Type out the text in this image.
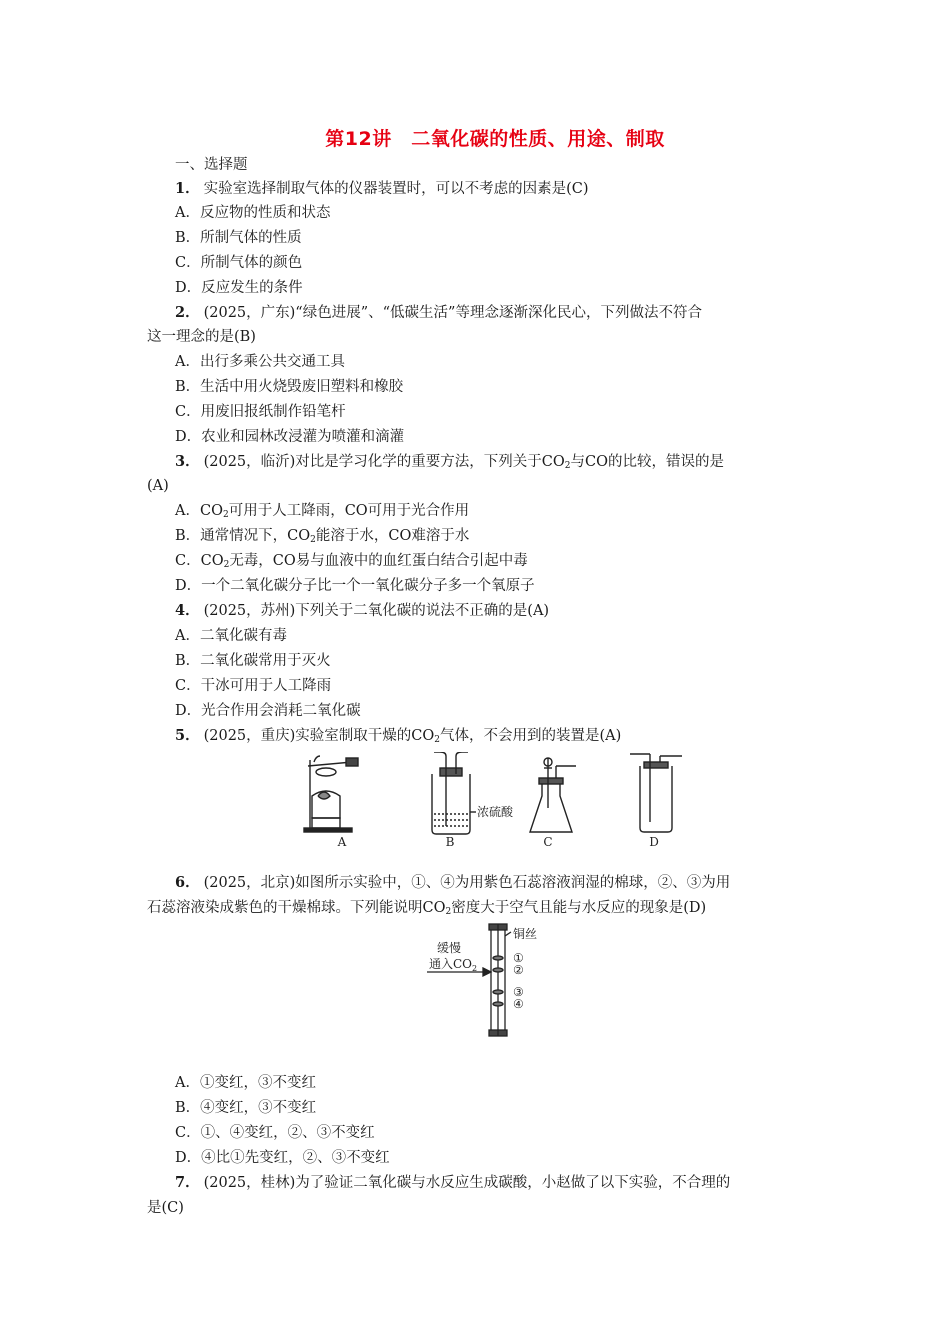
第12讲　二氧化碳的性质、用途、制取
一、选择题
1． 实验室选择制取气体的仪器装置时，可以不考虑的因素是(C)
A．反应物的性质和状态
B．所制气体的性质
C．所制气体的颜色
D．反应发生的条件
2． (2025，广东)“绿色进展”、“低碳生活”等理念逐渐深化民心，下列做法不符合
这一理念的是(B)
A．出行多乘公共交通工具
B．生活中用火烧毁废旧塑料和橡胶
C．用废旧报纸制作铅笔杆
D．农业和园林改浸灌为喷灌和滴灌
3． (2025，临沂)对比是学习化学的重要方法，下列关于$CO_2$与CO的比较，错误的是
(A)
A．$CO_2$可用于人工降雨，CO可用于光合作用
B．通常情况下，$CO_2$能溶于水，CO难溶于水
C．$CO_2$无毒，CO易与血液中的血红蛋白结合引起中毒
D．一个二氧化碳分子比一个一氧化碳分子多一个氧原子
4． (2025，苏州)下列关于二氧化碳的说法不正确的是(A)
A．二氧化碳有毒
B．二氧化碳常用于灭火
C．干冰可用于人工降雨
D．光合作用会消耗二氧化碳
5． (2025，重庆)实验室制取干燥的$CO_2$气体，不会用到的装置是(A)
浓硫酸
A	B	C	D
6． (2025，北京)如图所示实验中，①、④为用紫色石蕊溶液润湿的棉球，②、③为用
石蕊溶液染成紫色的干燥棉球。下列能说明$CO_2$密度大于空气且能与水反应的现象是(D)
铜丝
缓慢
通入$CO_2$
①
②
③
④
A．①变红，③不变红
B．④变红，③不变红
C．①、④变红，②、③不变红
D．④比①先变红，②、③不变红
7． (2025，桂林)为了验证二氧化碳与水反应生成碳酸，小赵做了以下实验，不合理的
是(C)
